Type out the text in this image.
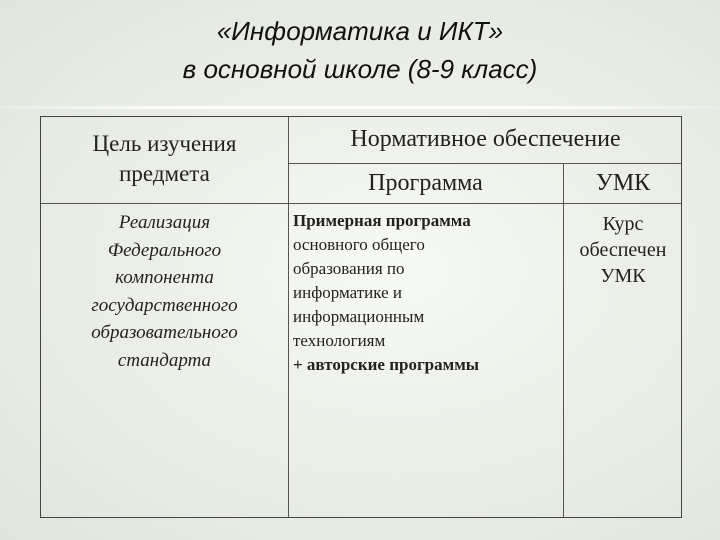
«Информатика и ИКТ»
в основной школе (8-9 класс)
Цель изучения
предмета
Нормативное обеспечение
Программа	УМК
Реализация
Федерального
компонента
государственного
образовательного
стандарта
Примерная программа
основного общего
образования по
информатике и
информационным
технологиям
+ авторские программы
Курс
обеспечен
УМК
